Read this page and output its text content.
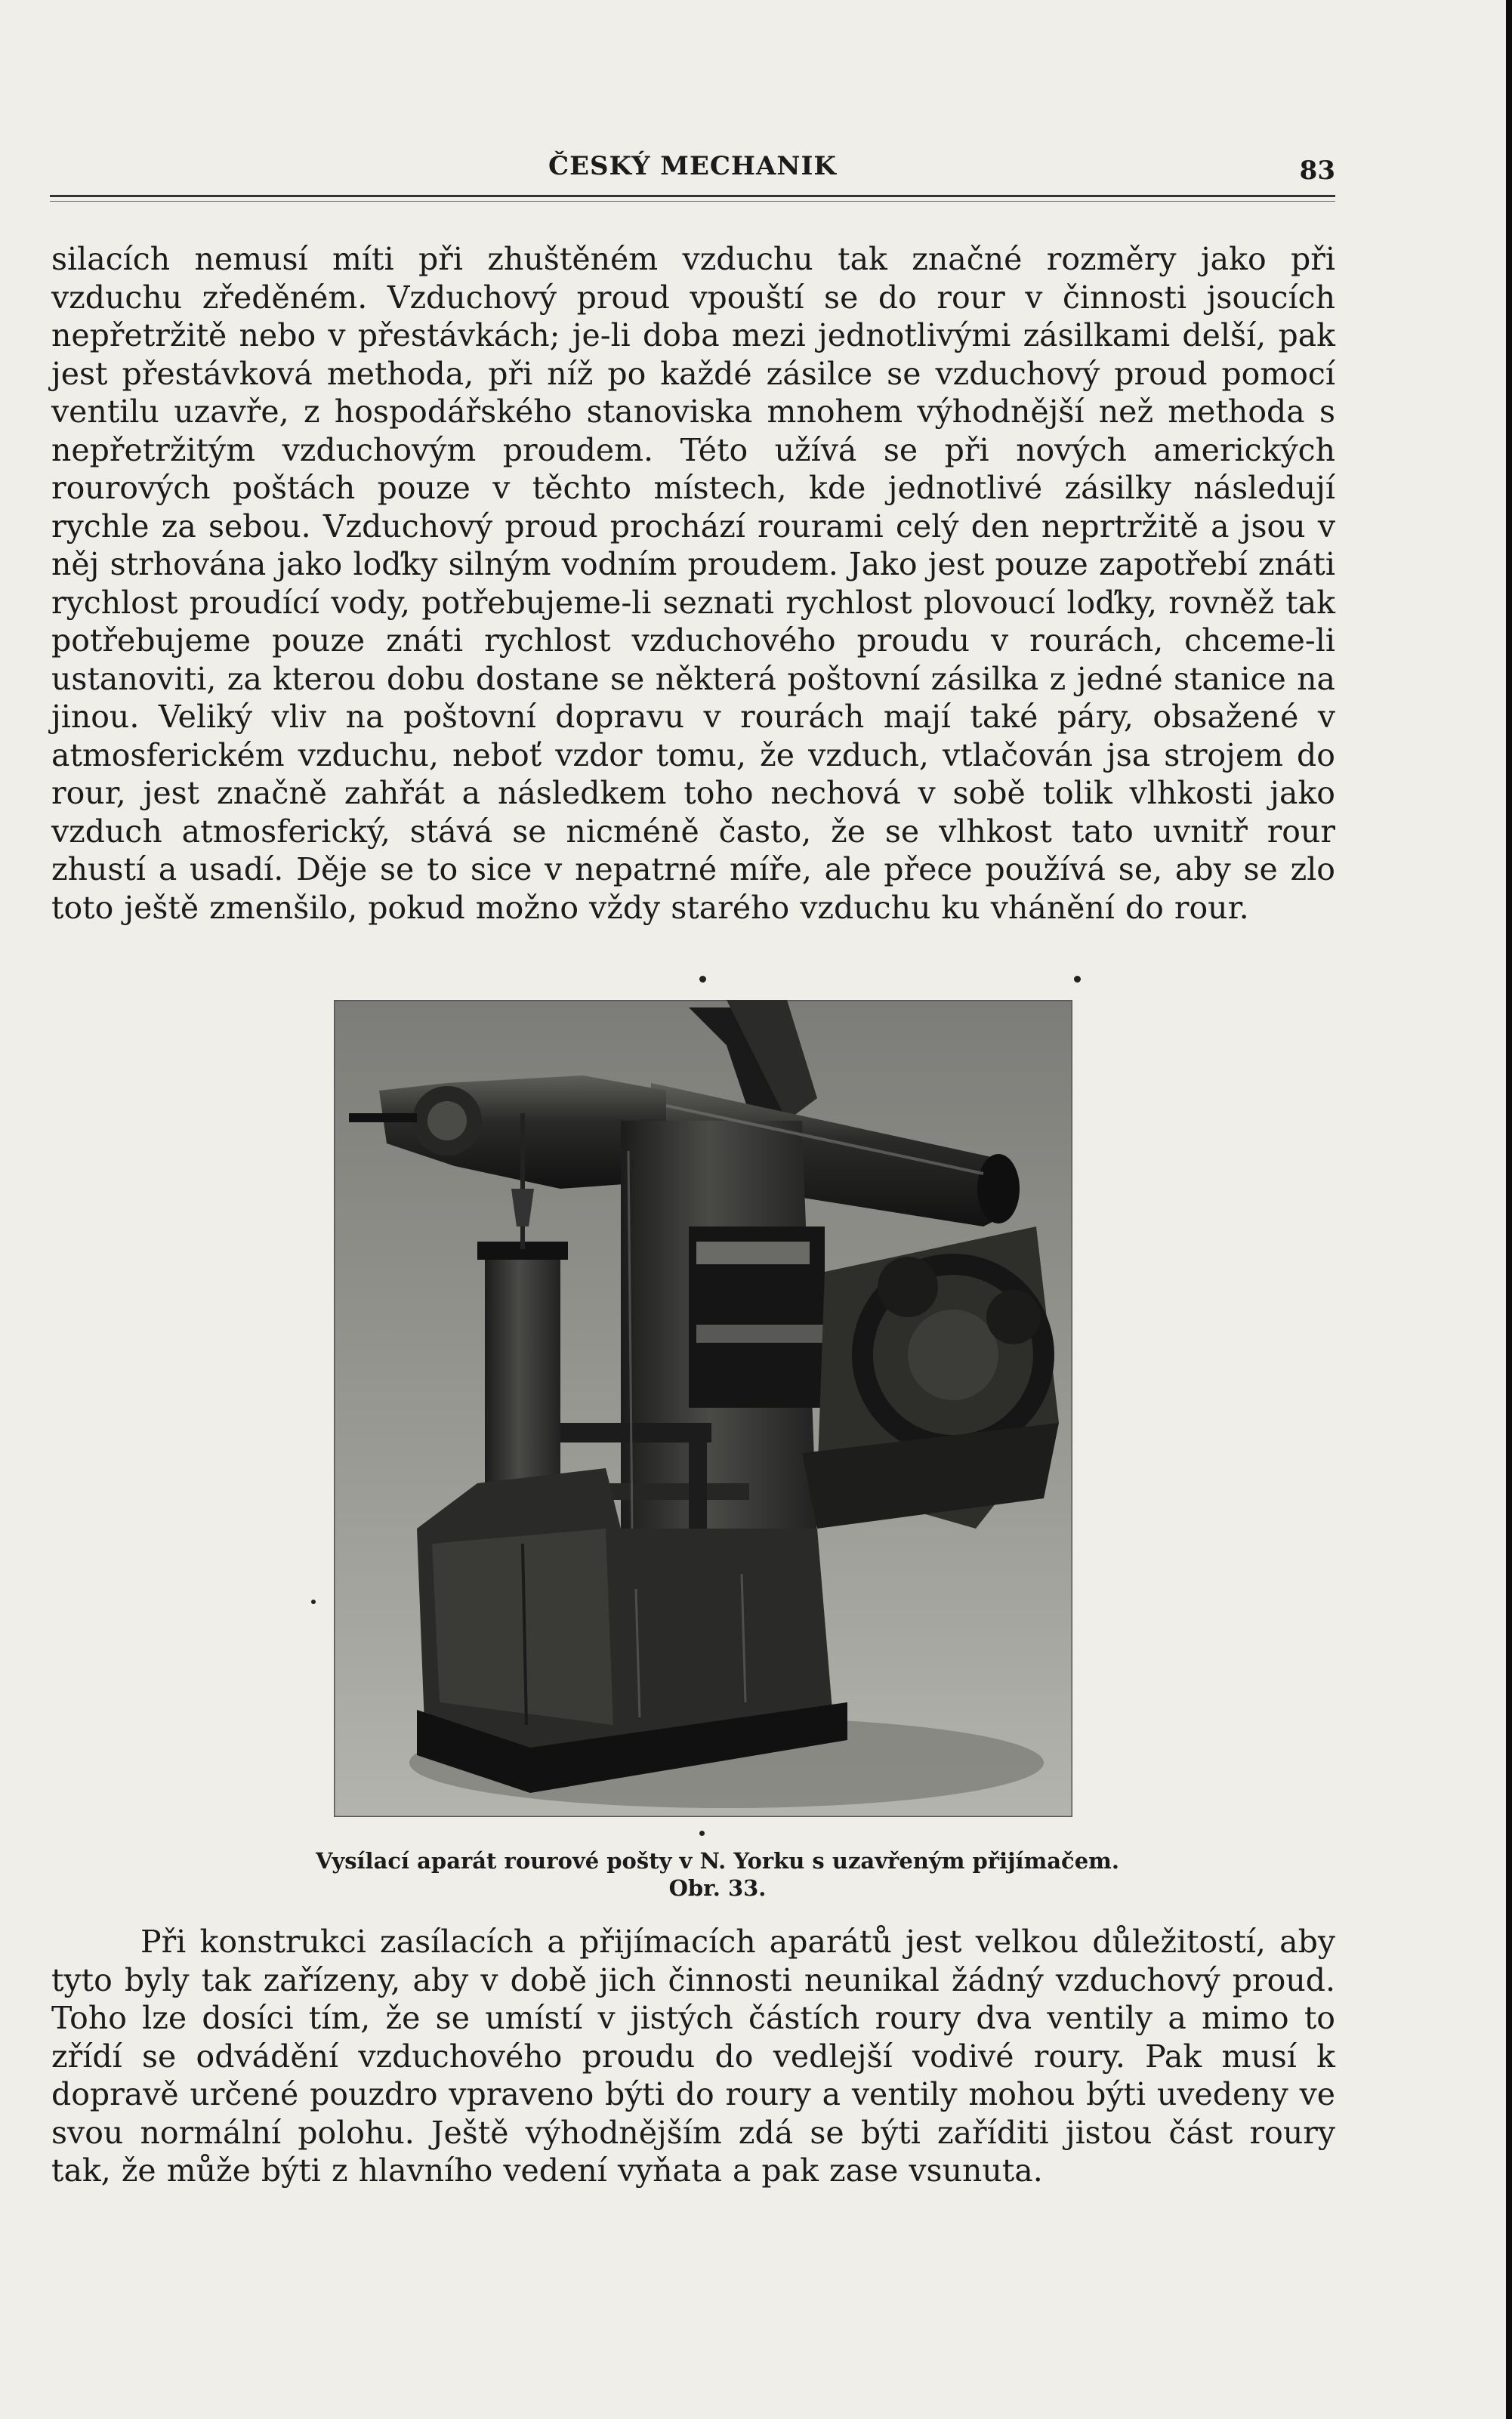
ČESKÝ MECHANIK	83

silacích nemusí míti při zhuštěném vzduchu tak značné rozměry jako při vzduchu zředěném. Vzduchový proud vpouští se do rour v činnosti jsoucích nepřetržitě nebo v přestávkách; je-li doba mezi jednotlivými zásilkami delší, pak jest přestávková methoda, při níž po každé zásilce se vzduchový proud pomocí ventilu uzavře, z hospodářského stanoviska mnohem výhodnější než methoda s nepřetržitým vzduchovým proudem. Této užívá se při nových amerických rourových poštách pouze v těchto místech, kde jednotlivé zásilky následují rychle za sebou. Vzduchový proud prochází rourami celý den neprtržitě a jsou v něj strhována jako loďky silným vodním proudem. Jako jest pouze zapotřebí znáti rychlost proudící vody, potřebujeme-li seznati rychlost plovoucí loďky, rovněž tak potřebujeme pouze znáti rychlost vzduchového proudu v rourách, chceme-li ustanoviti, za kterou dobu dostane se některá poštovní zásilka z jedné stanice na jinou. Veliký vliv na poštovní dopravu v rourách mají také páry, obsažené v atmosferickém vzduchu, neboť vzdor tomu, že vzduch, vtlačován jsa strojem do rour, jest značně zahřát a následkem toho nechová v sobě tolik vlhkosti jako vzduch atmosferický, stává se nicméně často, že se vlhkost tato uvnitř rour zhustí a usadí. Děje se to sice v nepatrné míře, ale přece používá se, aby se zlo toto ještě zmenšilo, pokud možno vždy starého vzduchu ku vhánění do rour.

Vysílací aparát rourové pošty v N. Yorku s uzavřeným přijímačem.
Obr. 33.

Při konstrukci zasílacích a přijímacích aparátů jest velkou důležitostí, aby tyto byly tak zařízeny, aby v době jich činnosti neunikal žádný vzduchový proud. Toho lze dosíci tím, že se umístí v jistých částích roury dva ventily a mimo to zřídí se odvádění vzduchového proudu do vedlejší vodivé roury. Pak musí k dopravě určené pouzdro vpraveno býti do roury a ventily mohou býti uvedeny ve svou normální polohu. Ještě výhodnějším zdá se býti zaříditi jistou část roury tak, že může býti z hlavního vedení vyňata a pak zase vsunuta.
